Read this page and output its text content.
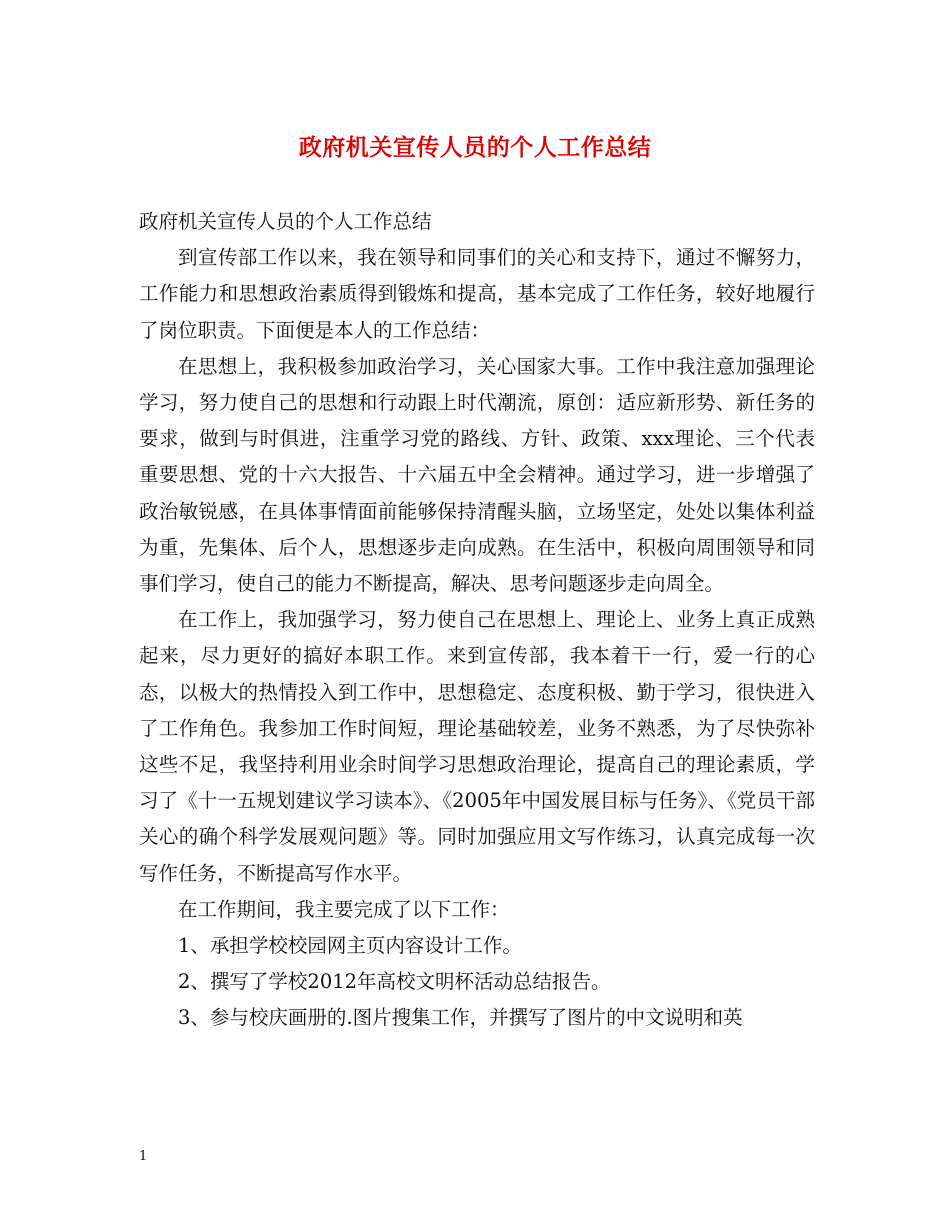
政府机关宣传人员的个人工作总结

政府机关宣传人员的个人工作总结

到宣传部工作以来，我在领导和同事们的关心和支持下，通过不懈努力，工作能力和思想政治素质得到锻炼和提高，基本完成了工作任务，较好地履行了岗位职责。下面便是本人的工作总结：

在思想上，我积极参加政治学习，关心国家大事。工作中我注意加强理论学习，努力使自己的思想和行动跟上时代潮流，原创：适应新形势、新任务的要求，做到与时俱进，注重学习党的路线、方针、政策、xxx理论、三个代表重要思想、党的十六大报告、十六届五中全会精神。通过学习，进一步增强了政治敏锐感，在具体事情面前能够保持清醒头脑，立场坚定，处处以集体利益为重，先集体、后个人，思想逐步走向成熟。在生活中，积极向周围领导和同事们学习，使自己的能力不断提高，解决、思考问题逐步走向周全。

在工作上，我加强学习，努力使自己在思想上、理论上、业务上真正成熟起来，尽力更好的搞好本职工作。来到宣传部，我本着干一行，爱一行的心态，以极大的热情投入到工作中，思想稳定、态度积极、勤于学习，很快进入了工作角色。我参加工作时间短，理论基础较差，业务不熟悉，为了尽快弥补这些不足，我坚持利用业余时间学习思想政治理论，提高自己的理论素质，学习了《十一五规划建议学习读本》、《2005年中国发展目标与任务》、《党员干部关心的确个科学发展观问题》等。同时加强应用文写作练习，认真完成每一次写作任务，不断提高写作水平。

在工作期间，我主要完成了以下工作：

1、承担学校校园网主页内容设计工作。

2、撰写了学校2012年高校文明杯活动总结报告。

3、参与校庆画册的.图片搜集工作，并撰写了图片的中文说明和英

1
